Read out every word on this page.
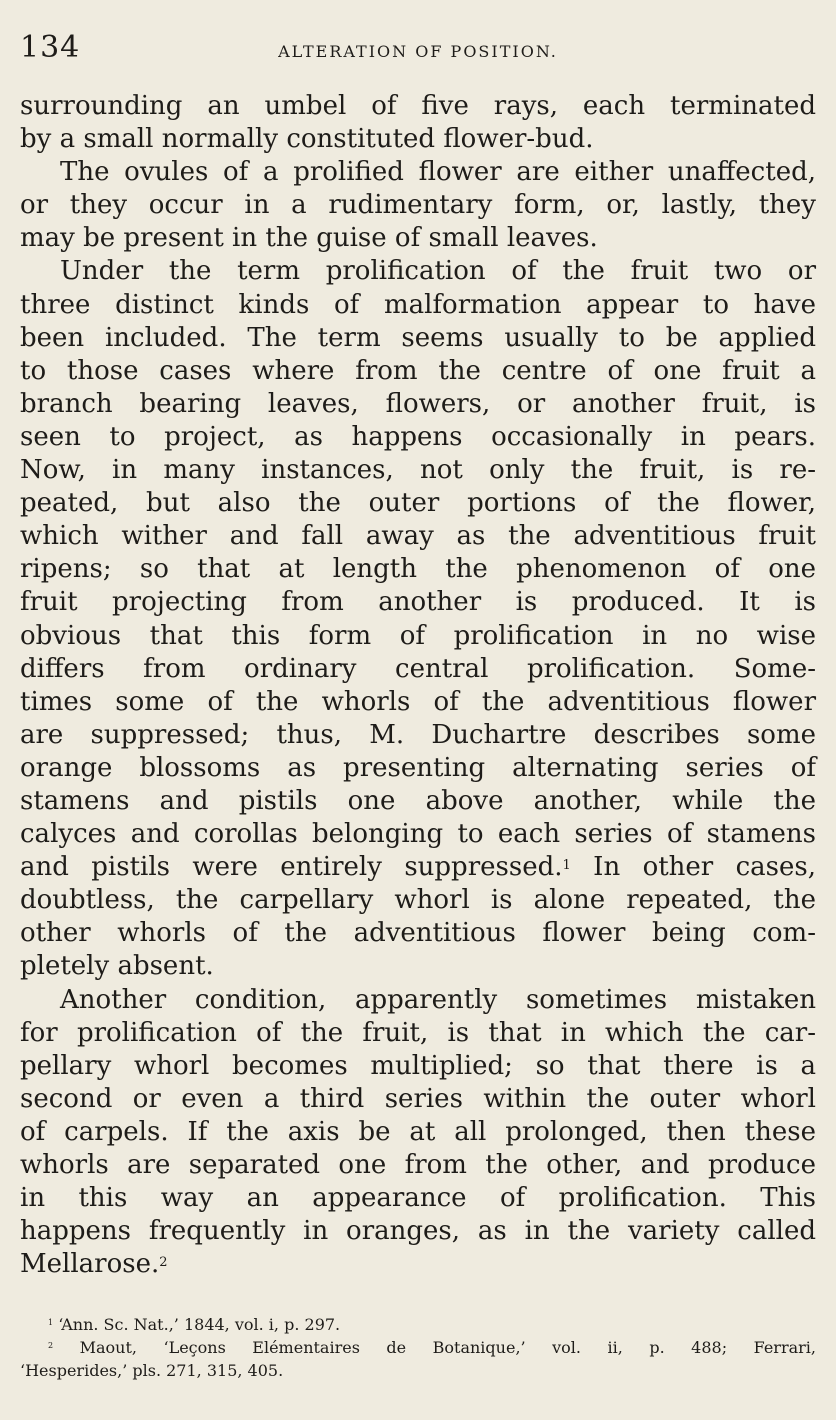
134	ALTERATION OF POSITION.
surrounding an umbel of five rays, each terminated
by a small normally constituted flower-bud.
The ovules of a prolified flower are either unaffected,
or they occur in a rudimentary form, or, lastly, they
may be present in the guise of small leaves.
Under the term prolification of the fruit two or
three distinct kinds of malformation appear to have
been included. The term seems usually to be applied
to those cases where from the centre of one fruit a
branch bearing leaves, flowers, or another fruit, is
seen to project, as happens occasionally in pears.
Now, in many instances, not only the fruit, is re-
peated, but also the outer portions of the flower,
which wither and fall away as the adventitious fruit
ripens; so that at length the phenomenon of one
fruit projecting from another is produced. It is
obvious that this form of prolification in no wise
differs from ordinary central prolification. Some-
times some of the whorls of the adventitious flower
are suppressed; thus, M. Duchartre describes some
orange blossoms as presenting alternating series of
stamens and pistils one above another, while the
calyces and corollas belonging to each series of stamens
and pistils were entirely suppressed.$^1$ In other cases,
doubtless, the carpellary whorl is alone repeated, the
other whorls of the adventitious flower being com-
pletely absent.
Another condition, apparently sometimes mistaken
for prolification of the fruit, is that in which the car-
pellary whorl becomes multiplied; so that there is a
second or even a third series within the outer whorl
of carpels. If the axis be at all prolonged, then these
whorls are separated one from the other, and produce
in this way an appearance of prolification. This
happens frequently in oranges, as in the variety called
Mellarose.$^2$
$^1$ ‘Ann. Sc. Nat.,’ 1844, vol. i, p. 297.
$^2$ Maout, ‘Leçons Elémentaires de Botanique,’ vol. ii, p. 488; Ferrari,
‘Hesperides,’ pls. 271, 315, 405.
